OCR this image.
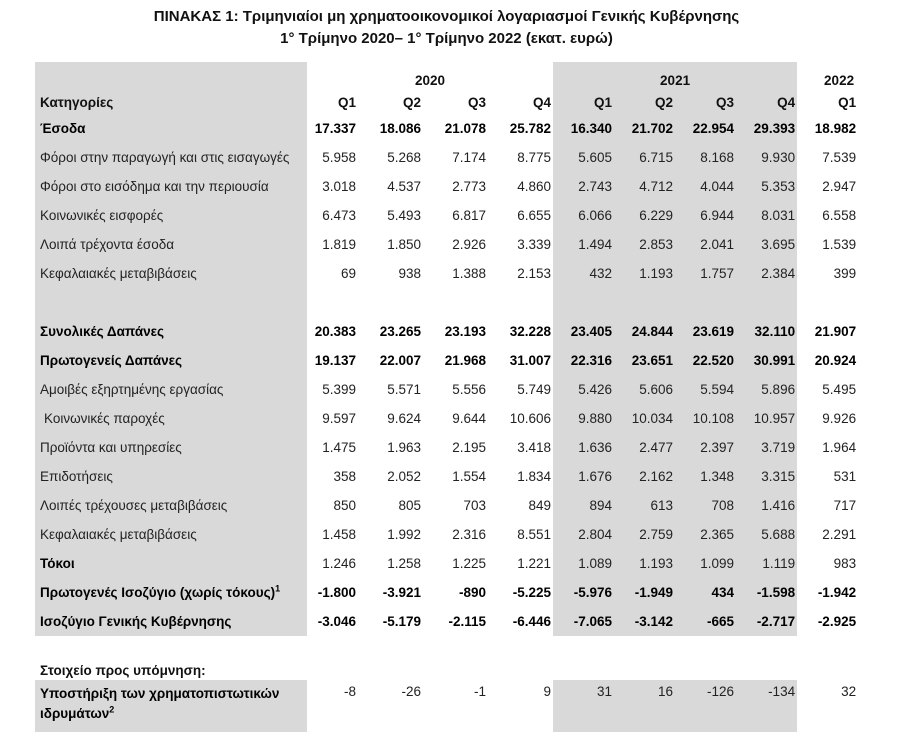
ΠΙΝΑΚΑΣ 1: Τριμηνιαίοι μη χρηματοοικονομικοί λογαριασμοί Γενικής Κυβέρνησης
1° Τρίμηνο 2020– 1° Τρίμηνο 2022 (εκατ. ευρώ)
	2020				2021				2022
Κατηγορίες	Q1	Q2	Q3	Q4	Q1	Q2	Q3	Q4	Q1
Έσοδα	17.337	18.086	21.078	25.782	16.340	21.702	22.954	29.393	18.982
Φόροι στην παραγωγή και στις εισαγωγές	5.958	5.268	7.174	8.775	5.605	6.715	8.168	9.930	7.539
Φόροι στο εισόδημα και την περιουσία	3.018	4.537	2.773	4.860	2.743	4.712	4.044	5.353	2.947
Κοινωνικές εισφορές	6.473	5.493	6.817	6.655	6.066	6.229	6.944	8.031	6.558
Λοιπά τρέχοντα έσοδα	1.819	1.850	2.926	3.339	1.494	2.853	2.041	3.695	1.539
Κεφαλαιακές μεταβιβάσεις	69	938	1.388	2.153	432	1.193	1.757	2.384	399

Συνολικές Δαπάνες	20.383	23.265	23.193	32.228	23.405	24.844	23.619	32.110	21.907
Πρωτογενείς Δαπάνες	19.137	22.007	21.968	31.007	22.316	23.651	22.520	30.991	20.924
Αμοιβές εξηρτημένης εργασίας	5.399	5.571	5.556	5.749	5.426	5.606	5.594	5.896	5.495
Κοινωνικές παροχές	9.597	9.624	9.644	10.606	9.880	10.034	10.108	10.957	9.926
Προϊόντα και υπηρεσίες	1.475	1.963	2.195	3.418	1.636	2.477	2.397	3.719	1.964
Επιδοτήσεις	358	2.052	1.554	1.834	1.676	2.162	1.348	3.315	531
Λοιπές τρέχουσες μεταβιβάσεις	850	805	703	849	894	613	708	1.416	717
Κεφαλαιακές μεταβιβάσεις	1.458	1.992	2.316	8.551	2.804	2.759	2.365	5.688	2.291
Τόκοι	1.246	1.258	1.225	1.221	1.089	1.193	1.099	1.119	983
Πρωτογενές Ισοζύγιο (χωρίς τόκους)$^1$	-1.800	-3.921	-890	-5.225	-5.976	-1.949	434	-1.598	-1.942
Ισοζύγιο Γενικής Κυβέρνησης	-3.046	-5.179	-2.115	-6.446	-7.065	-3.142	-665	-2.717	-2.925

Στοιχείο προς υπόμνηση:									
Υποστήριξη των χρηματοπιστωτικών ιδρυμάτων$^2$	-8	-26	-1	9	31	16	-126	-134	32
